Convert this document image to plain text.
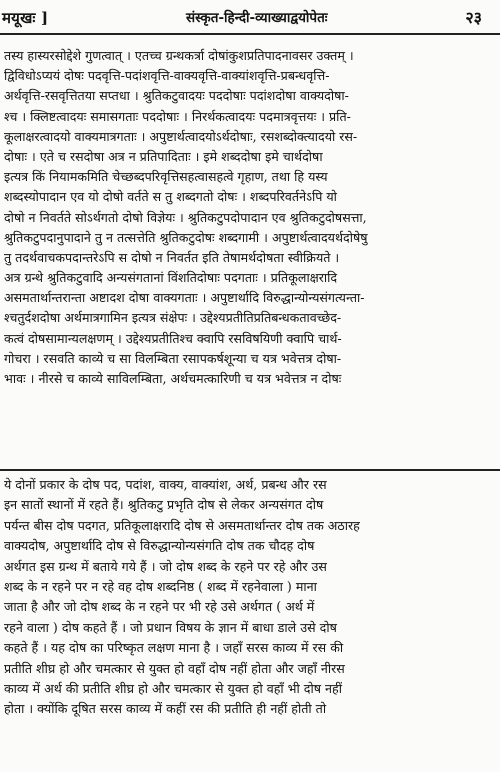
मयूखः ]	संस्कृत-हिन्दी-व्याख्याद्वयोपेतः	२३
तस्य हास्यरसोद्देशे गुणत्वात् । एतच्च ग्रन्थकर्त्रा दोषांकुशप्रतिपादनावसर उक्तम् ।
द्विविधोऽप्ययं दोषः पदवृत्ति-पदांशवृत्ति-वाक्यवृत्ति-वाक्यांशवृत्ति-प्रबन्धवृत्ति-
अर्थवृत्ति-रसवृत्तितया सप्तधा । श्रुतिकटुवादयः पददोषाः पदांशदोषा वाक्यदोषा-
श्च । क्लिष्टत्वादयः समासगताः पददोषाः । निरर्थकत्वादयः पदमात्रवृत्तयः । प्रति-
कूलाक्षरत्वादयो वाक्यमात्रगताः । अपुष्टार्थत्वादयोऽर्थदोषाः, रसशब्दोक्त्यादयो रस-
दोषाः । एते च रसदोषा अत्र न प्रतिपादिताः । इमे शब्ददोषा इमे चार्थदोषा
इत्यत्र किं नियामकमिति चेच्छब्दपरिवृत्तिसहत्वासहत्वे गृहाण, तथा हि यस्य
शब्दस्योपादान एव यो दोषो वर्तते स तु शब्दगतो दोषः । शब्दपरिवर्तनेऽपि यो
दोषो न निवर्तते सोऽर्थगतो दोषो विज्ञेयः । श्रुतिकटुपदोपादान एव श्रुतिकटुदोषसत्ता,
श्रुतिकटुपदानुपादाने तु न तत्सत्तेति श्रुतिकटुदोषः शब्दगामी । अपुष्टार्थत्वादयर्थदोषेषु
तु तदर्थवाचकपदान्तरेऽपि स दोषो न निवर्तत इति तेषामर्थदोषता स्वीक्रियते ।
अत्र ग्रन्थे श्रुतिकटुवादि अन्यसंगतानां विंशतिदोषाः पदगताः । प्रतिकूलाक्षरादि
असमतार्थान्तरान्ता अष्टादश दोषा वाक्यगताः । अपुष्टार्थादि विरुद्धान्योन्यसंगत्यन्ता-
श्चतुर्दशदोषा अर्थमात्रगामिन इत्यत्र संक्षेपः । उद्देश्यप्रतीतिप्रतिबन्धकतावच्छेद-
कत्वं दोषसामान्यलक्षणम् । उद्देश्यप्रतीतिश्च क्वापि रसविषयिणी क्वापि चार्थ-
गोचरा । रसवति काव्ये च सा विलम्बिता रसापकर्षशून्या च यत्र भवेत्तत्र दोषा-
भावः । नीरसे च काव्ये साविलम्बिता, अर्थचमत्कारिणी च यत्र भवेत्तत्र न दोषः
ये दोनों प्रकार के दोष पद, पदांश, वाक्य, वाक्यांश, अर्थ, प्रबन्ध और रस
इन सातों स्थानों में रहते हैं। श्रुतिकटु प्रभृति दोष से लेकर अन्यसंगत दोष
पर्यन्त बीस दोष पदगत, प्रतिकूलाक्षरादि दोष से असमतार्थान्तर दोष तक अठारह
वाक्यदोष, अपुष्टार्थादि दोष से विरुद्धान्योन्यसंगति दोष तक चौदह दोष
अर्थगत इस ग्रन्थ में बताये गये हैं । जो दोष शब्द के रहने पर रहे और उस
शब्द के न रहने पर न रहे वह दोष शब्दनिष्ठ ( शब्द में रहनेवाला ) माना
जाता है और जो दोष शब्द के न रहने पर भी रहे उसे अर्थगत ( अर्थ में
रहने वाला ) दोष कहते हैं । जो प्रधान विषय के ज्ञान में बाधा डाले उसे दोष
कहते हैं । यह दोष का परिष्कृत लक्षण माना है । जहाँ सरस काव्य में रस की
प्रतीति शीघ्र हो और चमत्कार से युक्त हो वहाँ दोष नहीं होता और जहाँ नीरस
काव्य में अर्थ की प्रतीति शीघ्र हो और चमत्कार से युक्त हो वहाँ भी दोष नहीं
होता । क्योंकि दूषित सरस काव्य में कहीं रस की प्रतीति ही नहीं होती तो
